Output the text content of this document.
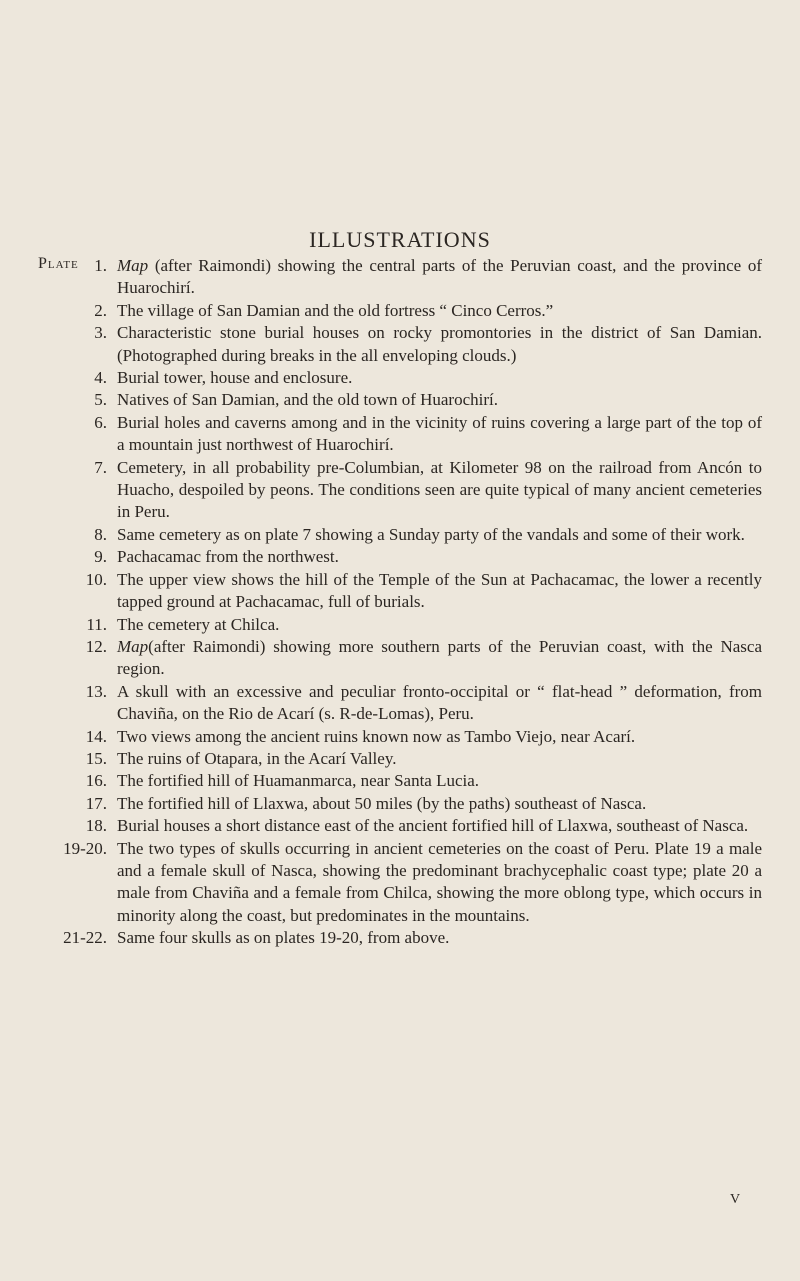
ILLUSTRATIONS
Plate 1. Map (after Raimondi) showing the central parts of the Peruvian coast, and the province of Huarochirí.
2. The village of San Damian and the old fortress “ Cinco Cerros.”
3. Characteristic stone burial houses on rocky promontories in the district of San Damian. (Photographed during breaks in the all enveloping clouds.)
4. Burial tower, house and enclosure.
5. Natives of San Damian, and the old town of Huarochirí.
6. Burial holes and caverns among and in the vicinity of ruins covering a large part of the top of a mountain just northwest of Huarochirí.
7. Cemetery, in all probability pre-Columbian, at Kilometer 98 on the railroad from Ancón to Huacho, despoiled by peons. The conditions seen are quite typical of many ancient cemeteries in Peru.
8. Same cemetery as on plate 7 showing a Sunday party of the vandals and some of their work.
9. Pachacamac from the northwest.
10. The upper view shows the hill of the Temple of the Sun at Pachacamac, the lower a recently tapped ground at Pachacamac, full of burials.
11. The cemetery at Chilca.
12. Map(after Raimondi) showing more southern parts of the Peruvian coast, with the Nasca region.
13. A skull with an excessive and peculiar fronto-occipital or “ flat-head ” deformation, from Chaviña, on the Rio de Acarí (s. R-de-Lomas), Peru.
14. Two views among the ancient ruins known now as Tambo Viejo, near Acarí.
15. The ruins of Otapara, in the Acarí Valley.
16. The fortified hill of Huamanmarca, near Santa Lucia.
17. The fortified hill of Llaxwa, about 50 miles (by the paths) southeast of Nasca.
18. Burial houses a short distance east of the ancient fortified hill of Llaxwa, southeast of Nasca.
19-20. The two types of skulls occurring in ancient cemeteries on the coast of Peru. Plate 19 a male and a female skull of Nasca, showing the predominant brachycephalic coast type; plate 20 a male from Chaviña and a female from Chilca, showing the more oblong type, which occurs in minority along the coast, but predominates in the mountains.
21-22. Same four skulls as on plates 19-20, from above.
V
